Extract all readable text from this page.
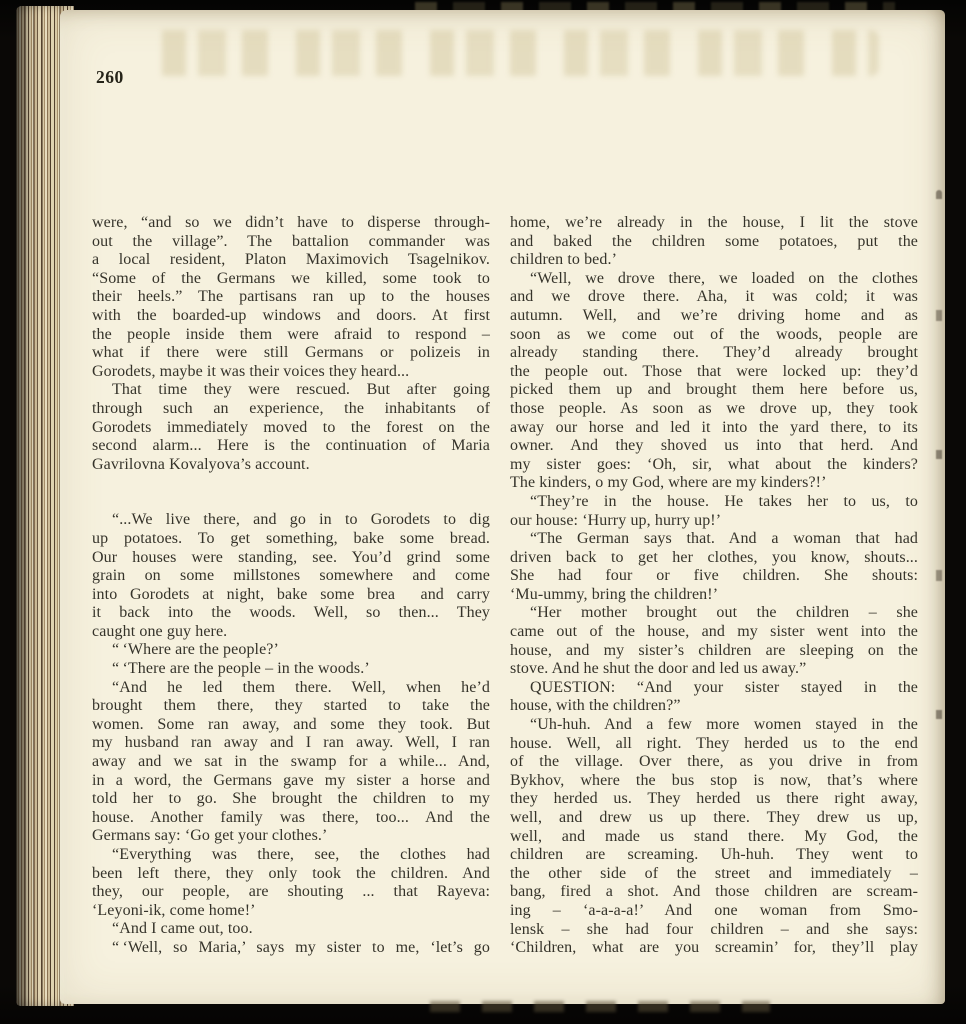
260
were, “and so we didn’t have to disperse through-
out the village”. The battalion commander was
a local resident, Platon Maximovich Tsagelnikov.
“Some of the Germans we killed, some took to
their heels.” The partisans ran up to the houses
with the boarded-up windows and doors. At first
the people inside them were afraid to respond –
what if there were still Germans or polizeis in
Gorodets, maybe it was their voices they heard...
That time they were rescued. But after going
through such an experience, the inhabitants of
Gorodets immediately moved to the forest on the
second alarm... Here is the continuation of Maria
Gavrilovna Kovalyova’s account.
“...We live there, and go in to Gorodets to dig
up potatoes. To get something, bake some bread.
Our houses were standing, see. You’d grind some
grain on some millstones somewhere and come
into Gorodets at night, bake some brea  and carry
it back into the woods. Well, so then... They
caught one guy here.
“ ‘Where are the people?’
“ ‘There are the people – in the woods.’
“And he led them there. Well, when he’d
brought them there, they started to take the
women. Some ran away, and some they took. But
my husband ran away and I ran away. Well, I ran
away and we sat in the swamp for a while... And,
in a word, the Germans gave my sister a horse and
told her to go. She brought the children to my
house. Another family was there, too... And the
Germans say: ‘Go get your clothes.’
“Everything was there, see, the clothes had
been left there, they only took the children. And
they, our people, are shouting ... that Rayeva:
‘Leyoni-ik, come home!’
“And I came out, too.
“ ‘Well, so Maria,’ says my sister to me, ‘let’s go
home, we’re already in the house, I lit the stove
and baked the children some potatoes, put the
children to bed.’
“Well, we drove there, we loaded on the clothes
and we drove there. Aha, it was cold; it was
autumn. Well, and we’re driving home and as
soon as we come out of the woods, people are
already standing there. They’d already brought
the people out. Those that were locked up: they’d
picked them up and brought them here before us,
those people. As soon as we drove up, they took
away our horse and led it into the yard there, to its
owner. And they shoved us into that herd. And
my sister goes: ‘Oh, sir, what about the kinders?
The kinders, o my God, where are my kinders?!’
“They’re in the house. He takes her to us, to
our house: ‘Hurry up, hurry up!’
“The German says that. And a woman that had
driven back to get her clothes, you know, shouts...
She had four or five children. She shouts:
‘Mu-ummy, bring the children!’
“Her mother brought out the children – she
came out of the house, and my sister went into the
house, and my sister’s children are sleeping on the
stove. And he shut the door and led us away.”
QUESTION: “And your sister stayed in the
house, with the children?”
“Uh-huh. And a few more women stayed in the
house. Well, all right. They herded us to the end
of the village. Over there, as you drive in from
Bykhov, where the bus stop is now, that’s where
they herded us. They herded us there right away,
well, and drew us up there. They drew us up,
well, and made us stand there. My God, the
children are screaming. Uh-huh. They went to
the other side of the street and immediately –
bang, fired a shot. And those children are scream-
ing – ‘a-a-a-a!’ And one woman from Smo-
lensk – she had four children – and she says:
‘Children, what are you screamin’ for, they’ll play
